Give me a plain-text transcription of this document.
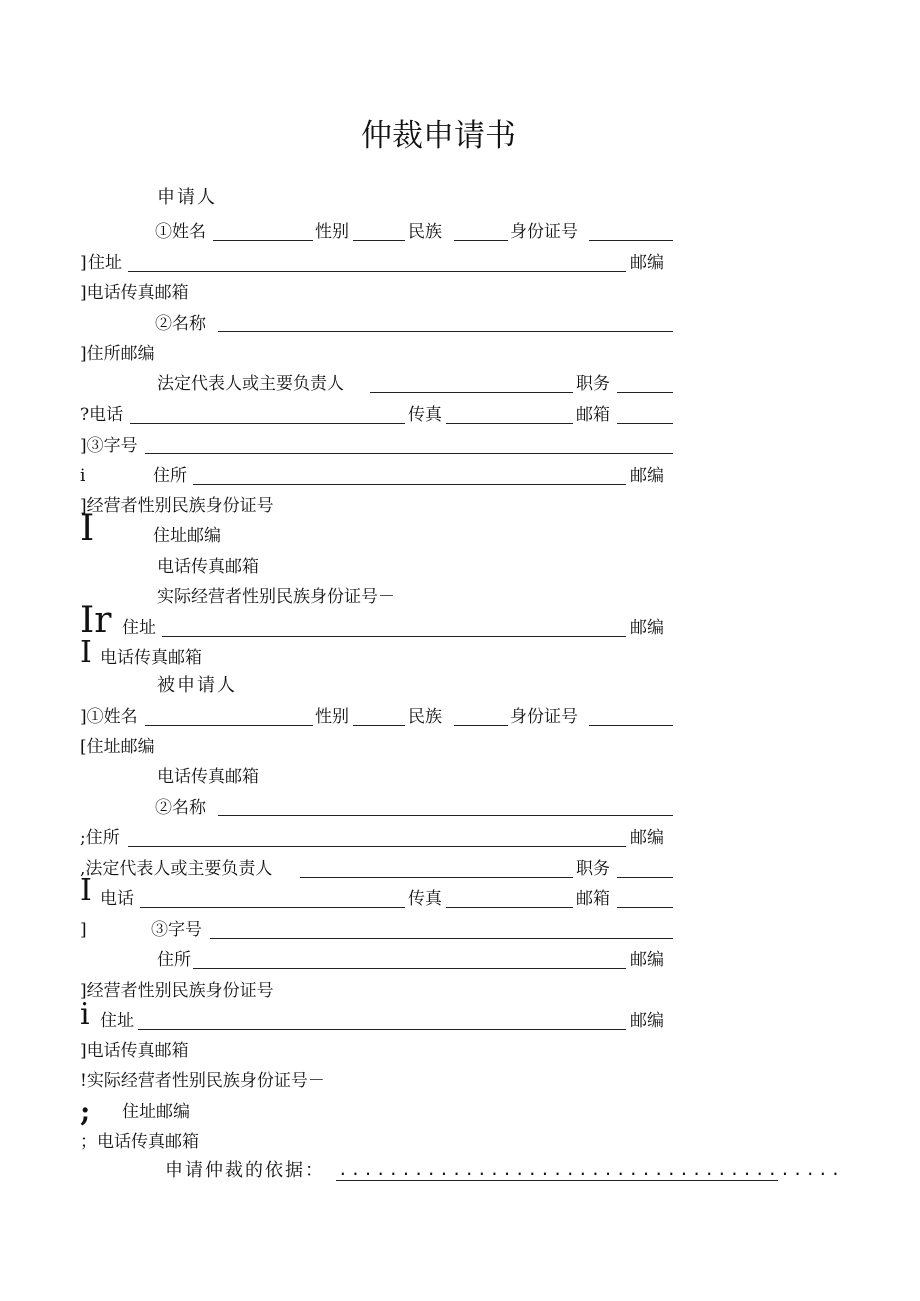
仲裁申请书
申请人
①姓名	性别	民族	身份证号
] 住址	邮编
]电话传真邮箱
②名称
]住所邮编
法定代表人或主要负责人	职务
?电话	传真	邮箱
]③字号
i	住所	邮编
]经营者性别民族身份证号
I	住址邮编
电话传真邮箱
实际经营者性别民族身份证号－
Ir 住址	邮编
I 电话传真邮箱
被申请人
]①姓名	性别	民族	身份证号
[住址邮编
电话传真邮箱
②名称
;住所	邮编
,法定代表人或主要负责人	职务
I 电话	传真	邮箱
]	③字号
住所	邮编
]经营者性别民族身份证号
i 住址	邮编
]电话传真邮箱
!实际经营者性别民族身份证号－
; 住址邮编
；电话传真邮箱
申请仲裁的依据： ........................................
